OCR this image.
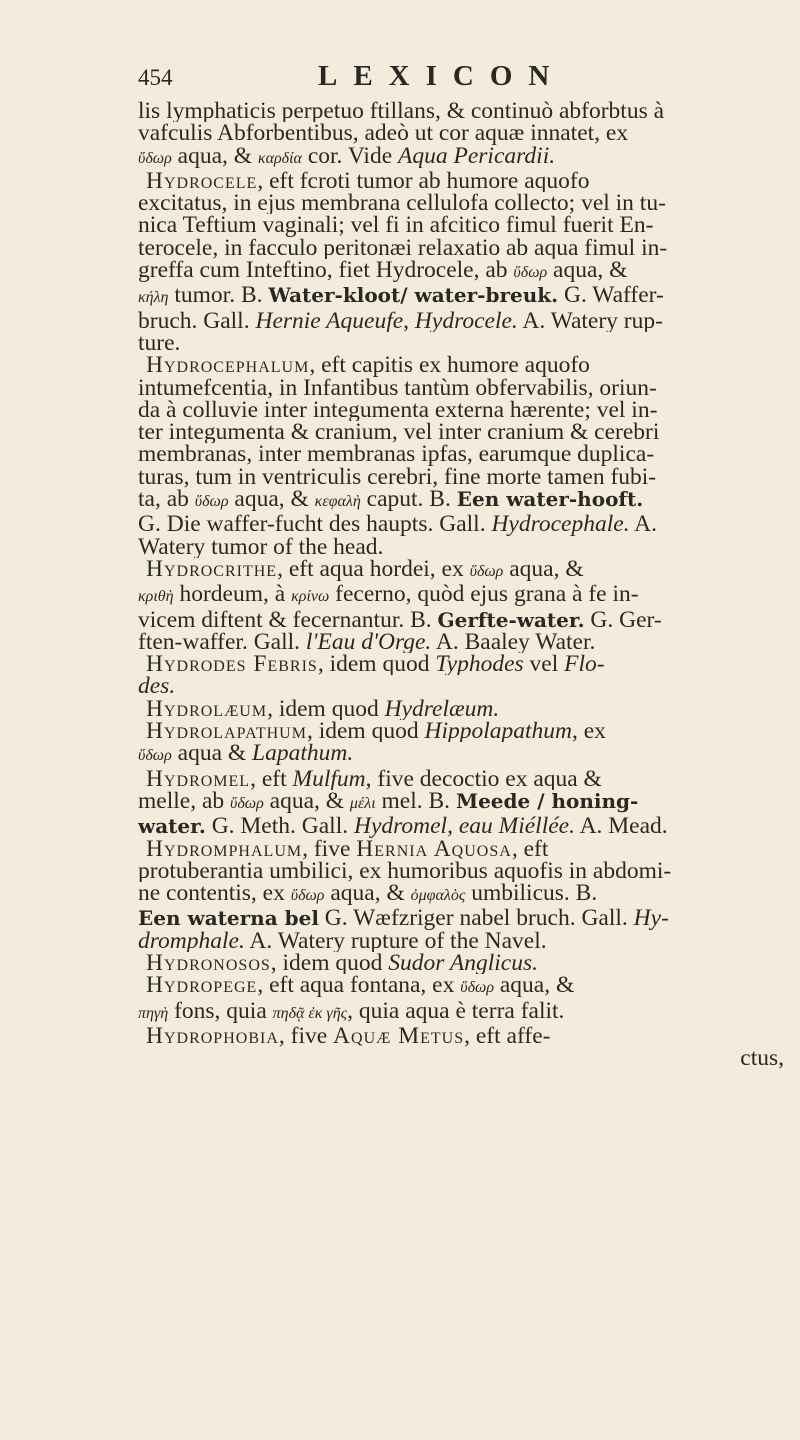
454	LEXICON
lis lymphaticis perpetuo ftillans, & continuò abforbtus à
vafculis Abforbentibus, adeò ut cor aquæ innatet, ex
ὕδωρ aqua, & καρδία cor. Vide Aqua Pericardii.
Hydrocele, eft fcroti tumor ab humore aquofo
excitatus, in ejus membrana cellulofa collecto; vel in tu-
nica Teftium vaginali; vel fi in afcitico fimul fuerit En-
terocele, in facculo peritonæi relaxatio ab aqua fimul in-
greffa cum Inteftino, fiet Hydrocele, ab ὕδωρ aqua, &
κήλη tumor. B. Water-kloot/ water-breuk. G. Waffer-
bruch. Gall. Hernie Aqueufe, Hydrocele. A. Watery rup-
ture.
Hydrocephalum, eft capitis ex humore aquofo
intumefcentia, in Infantibus tantùm obfervabilis, oriun-
da à colluvie inter integumenta externa hærente; vel in-
ter integumenta & cranium, vel inter cranium & cerebri
membranas, inter membranas ipfas, earumque duplica-
turas, tum in ventriculis cerebri, fine morte tamen fubi-
ta, ab ὕδωρ aqua, & κεφαλὴ caput. B. Een water-hooft.
G. Die waffer-fucht des haupts. Gall. Hydrocephale. A.
Watery tumor of the head.
Hydrocrithe, eft aqua hordei, ex ὕδωρ aqua, &
κριθὴ hordeum, à κρίνω fecerno, quòd ejus grana à fe in-
vicem diftent & fecernantur. B. Gerfte-water. G. Ger-
ften-waffer. Gall. l'Eau d'Orge. A. Baaley Water.
Hydrodes Febris, idem quod Typhodes vel Flo-
des.
Hydrolæum, idem quod Hydrelæum.
Hydrolapathum, idem quod Hippolapathum, ex
ὕδωρ aqua & Lapathum.
Hydromel, eft Mulfum, five decoctio ex aqua &
melle, ab ὕδωρ aqua, & μέλι mel. B. Meede / honing-
water. G. Meth. Gall. Hydromel, eau Miéllée. A. Mead.
Hydromphalum, five Hernia Aquosa, eft
protuberantia umbilici, ex humoribus aquofis in abdomi-
ne contentis, ex ὕδωρ aqua, & ὀμφαλὸς umbilicus. B.
Een waterna bel G. Wæfzriger nabel bruch. Gall. Hy-
dromphale. A. Watery rupture of the Navel.
Hydronosos, idem quod Sudor Anglicus.
Hydropege, eft aqua fontana, ex ὕδωρ aqua, &
πηγὴ fons, quia πηδᾷ ἐκ γῆς, quia aqua è terra falit.
Hydrophobia, five Aquæ Metus, eft affe-
ctus,
